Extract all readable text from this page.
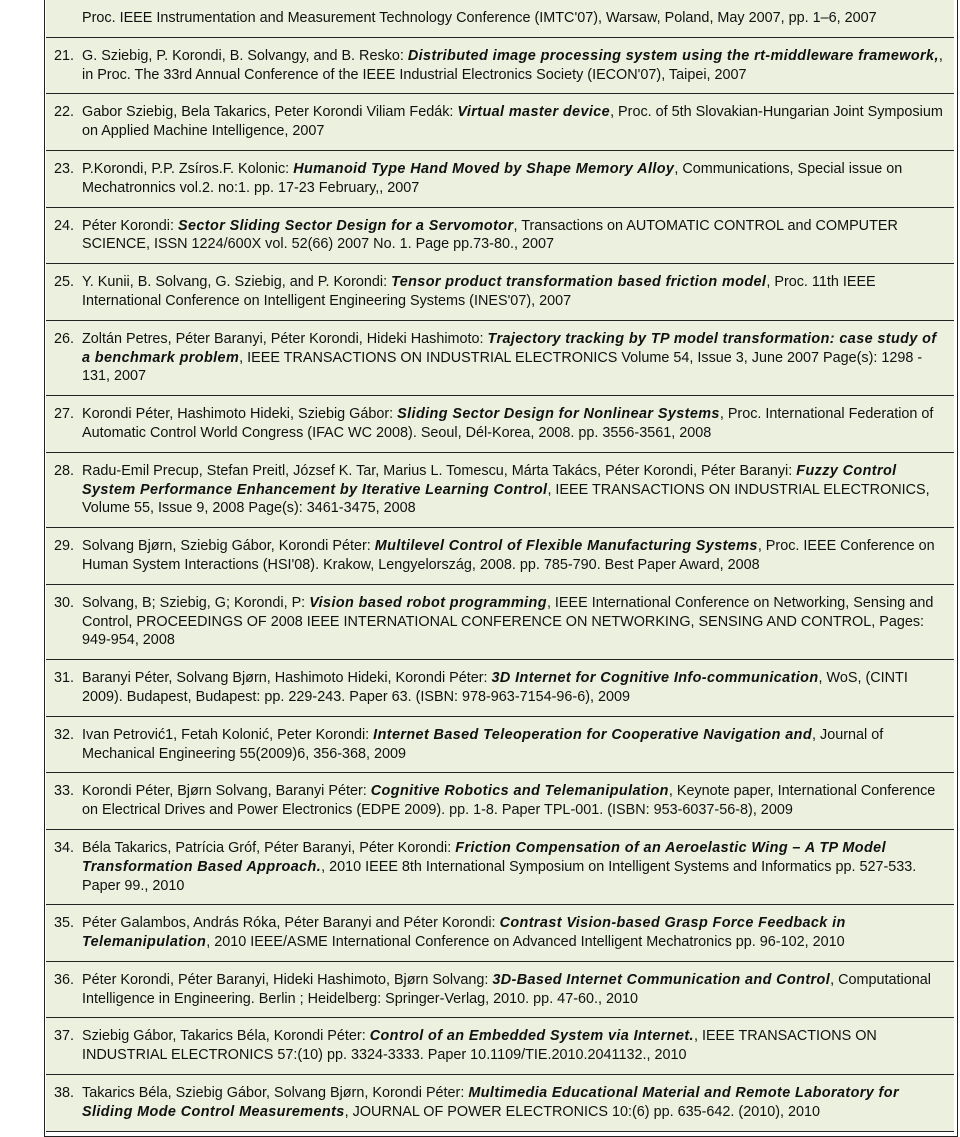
Proc. IEEE Instrumentation and Measurement Technology Conference (IMTC'07), Warsaw, Poland, May 2007, pp. 1–6, 2007
21. G. Sziebig, P. Korondi, B. Solvangy, and B. Resko: Distributed image processing system using the rt-middleware framework,, in Proc. The 33rd Annual Conference of the IEEE Industrial Electronics Society (IECON'07), Taipei, 2007
22. Gabor Sziebig, Bela Takarics, Peter Korondi Viliam Fedák: Virtual master device, Proc. of 5th Slovakian-Hungarian Joint Symposium on Applied Machine Intelligence, 2007
23. P.Korondi, P.P. Zsíros.F. Kolonic: Humanoid Type Hand Moved by Shape Memory Alloy, Communications, Special issue on Mechatronnics vol.2. no:1. pp. 17-23 February,, 2007
24. Péter Korondi: Sector Sliding Sector Design for a Servomotor, Transactions on AUTOMATIC CONTROL and COMPUTER SCIENCE, ISSN 1224/600X vol. 52(66) 2007 No. 1. Page pp.73-80., 2007
25. Y. Kunii, B. Solvang, G. Sziebig, and P. Korondi: Tensor product transformation based friction model, Proc. 11th IEEE International Conference on Intelligent Engineering Systems (INES'07), 2007
26. Zoltán Petres, Péter Baranyi, Péter Korondi, Hideki Hashimoto: Trajectory tracking by TP model transformation: case study of a benchmark problem, IEEE TRANSACTIONS ON INDUSTRIAL ELECTRONICS Volume 54, Issue 3, June 2007 Page(s): 1298 - 131, 2007
27. Korondi Péter, Hashimoto Hideki, Sziebig Gábor: Sliding Sector Design for Nonlinear Systems, Proc. International Federation of Automatic Control World Congress (IFAC WC 2008). Seoul, Dél-Korea, 2008. pp. 3556-3561, 2008
28. Radu-Emil Precup, Stefan Preitl, József K. Tar, Marius L. Tomescu, Márta Takács, Péter Korondi, Péter Baranyi: Fuzzy Control System Performance Enhancement by Iterative Learning Control, IEEE TRANSACTIONS ON INDUSTRIAL ELECTRONICS, Volume 55, Issue 9, 2008 Page(s): 3461-3475, 2008
29. Solvang Bjørn, Sziebig Gábor, Korondi Péter: Multilevel Control of Flexible Manufacturing Systems, Proc. IEEE Conference on Human System Interactions (HSI'08). Krakow, Lengyelország, 2008. pp. 785-790. Best Paper Award, 2008
30. Solvang, B; Sziebig, G; Korondi, P: Vision based robot programming, IEEE International Conference on Networking, Sensing and Control, PROCEEDINGS OF 2008 IEEE INTERNATIONAL CONFERENCE ON NETWORKING, SENSING AND CONTROL, Pages: 949-954, 2008
31. Baranyi Péter, Solvang Bjørn, Hashimoto Hideki, Korondi Péter: 3D Internet for Cognitive Info-communication, WoS, (CINTI 2009). Budapest, Budapest: pp. 229-243. Paper 63. (ISBN: 978-963-7154-96-6), 2009
32. Ivan Petrović1, Fetah Kolonić, Peter Korondi: Internet Based Teleoperation for Cooperative Navigation and, Journal of Mechanical Engineering 55(2009)6, 356-368, 2009
33. Korondi Péter, Bjørn Solvang, Baranyi Péter: Cognitive Robotics and Telemanipulation, Keynote paper, International Conference on Electrical Drives and Power Electronics (EDPE 2009). pp. 1-8. Paper TPL-001. (ISBN: 953-6037-56-8), 2009
34. Béla Takarics, Patrícia Gróf, Péter Baranyi, Péter Korondi: Friction Compensation of an Aeroelastic Wing – A TP Model Transformation Based Approach., 2010 IEEE 8th International Symposium on Intelligent Systems and Informatics pp. 527-533. Paper 99., 2010
35. Péter Galambos, András Róka, Péter Baranyi and Péter Korondi: Contrast Vision-based Grasp Force Feedback in Telemanipulation, 2010 IEEE/ASME International Conference on Advanced Intelligent Mechatronics pp. 96-102, 2010
36. Péter Korondi, Péter Baranyi, Hideki Hashimoto, Bjørn Solvang: 3D-Based Internet Communication and Control, Computational Intelligence in Engineering. Berlin ; Heidelberg: Springer-Verlag, 2010. pp. 47-60., 2010
37. Sziebig Gábor, Takarics Béla, Korondi Péter: Control of an Embedded System via Internet., IEEE TRANSACTIONS ON INDUSTRIAL ELECTRONICS 57:(10) pp. 3324-3333. Paper 10.1109/TIE.2010.2041132., 2010
38. Takarics Béla, Sziebig Gábor, Solvang Bjørn, Korondi Péter: Multimedia Educational Material and Remote Laboratory for Sliding Mode Control Measurements, JOURNAL OF POWER ELECTRONICS 10:(6) pp. 635-642. (2010), 2010
